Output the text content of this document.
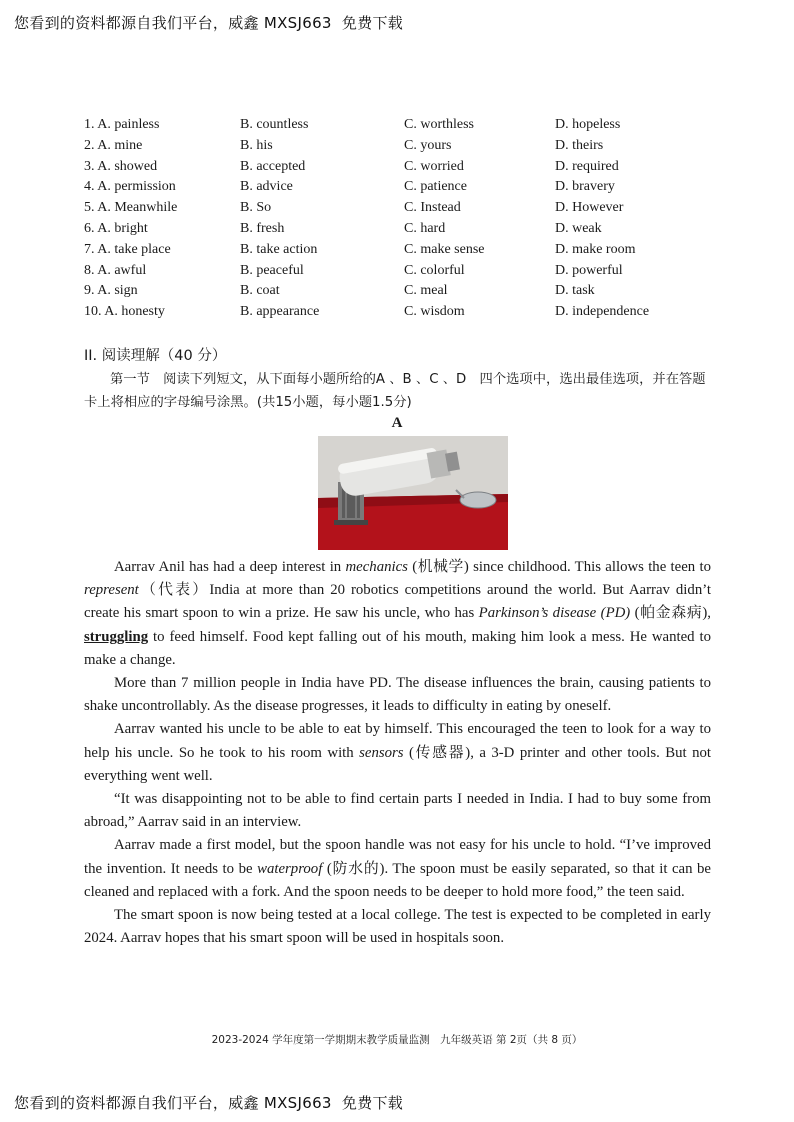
您看到的资料都源自我们平台，威鑫 MXSJ663  免费下载
1. A. painless	B. countless	C. worthless	D. hopeless
2. A. mine	B. his	C. yours	D. theirs
3. A. showed	B. accepted	C. worried	D. required
4. A. permission	B. advice	C. patience	D. bravery
5. A. Meanwhile	B. So	C. Instead	D. However
6. A. bright	B. fresh	C. hard	D. weak
7. A. take place	B. take action	C. make sense	D. make room
8. A. awful	B. peaceful	C. colorful	D. powerful
9. A. sign	B. coat	C. meal	D. task
10. A. honesty	B. appearance	C. wisdom	D. independence
II. 阅读理解（40 分）
第一节　阅读下列短文，从下面每小题所给的A 、B 、C 、D　四个选项中，选出最佳选项，并在答题卡上将相应的字母编号涂黑。(共15小题，每小题1.5分)
A

Aarrav Anil has had a deep interest in mechanics (机械学) since childhood. This allows the teen to represent（代表）India at more than 20 robotics competitions around the world. But Aarrav didn’t create his smart spoon to win a prize. He saw his uncle, who has Parkinson’s disease (PD) (帕金森病), struggling to feed himself. Food kept falling out of his mouth, making him look a mess. He wanted to make a change.

More than 7 million people in India have PD. The disease influences the brain, causing patients to shake uncontrollably. As the disease progresses, it leads to difficulty in eating by oneself.

Aarrav wanted his uncle to be able to eat by himself. This encouraged the teen to look for a way to help his uncle. So he took to his room with sensors (传感器), a 3-D printer and other tools. But not everything went well.

“It was disappointing not to be able to find certain parts I needed in India. I had to buy some from abroad,” Aarrav said in an interview.

Aarrav made a first model, but the spoon handle was not easy for his uncle to hold. “I’ve improved the invention. It needs to be waterproof (防水的). The spoon must be easily separated, so that it can be cleaned and replaced with a fork. And the spoon needs to be deeper to hold more food,” the teen said.

The smart spoon is now being tested at a local college. The test is expected to be completed in early 2024. Aarrav hopes that his smart spoon will be used in hospitals soon.

2023-2024 学年度第一学期期末教学质量监测　九年级英语 第 2页（共 8 页）
您看到的资料都源自我们平台，威鑫 MXSJ663  免费下载
